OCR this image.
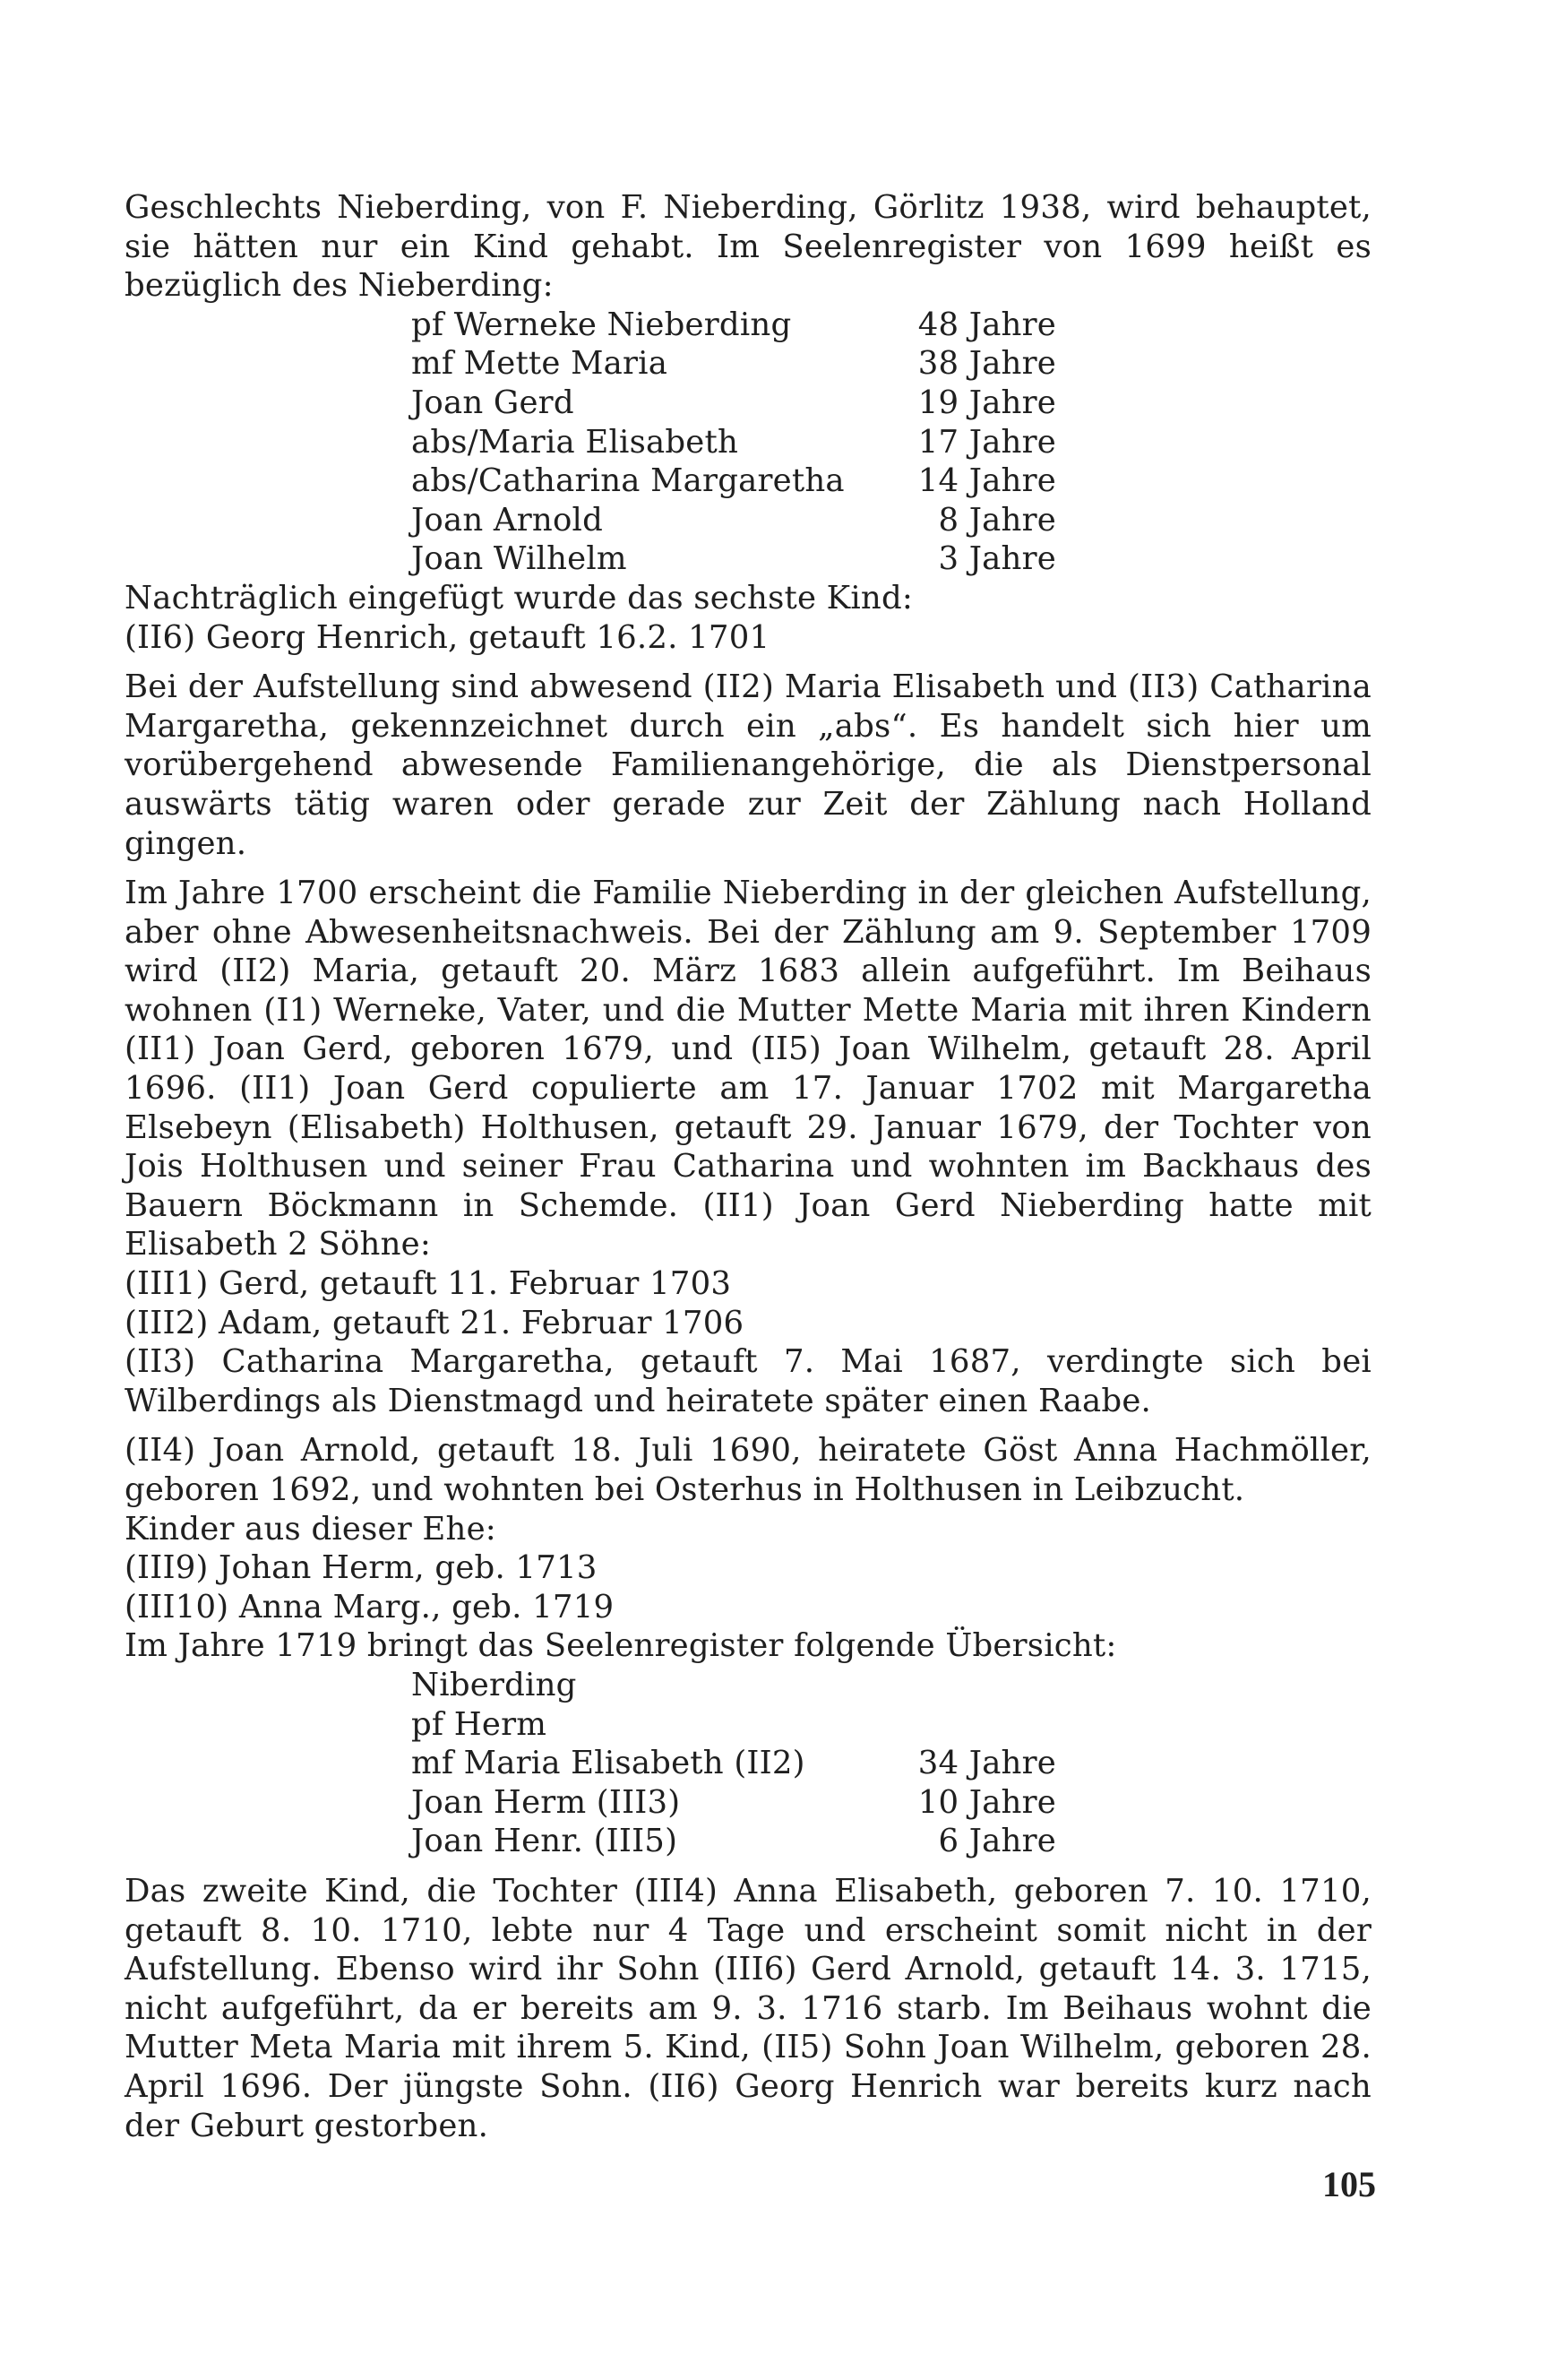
Geschlechts Nieberding, von F. Nieberding, Görlitz 1938, wird behauptet, sie hätten nur ein Kind gehabt. Im Seelenregister von 1699 heißt es bezüglich des Nieberding:

pf Werneke Nieberding	48 Jahre
mf Mette Maria	38 Jahre
Joan Gerd	19 Jahre
abs/Maria Elisabeth	17 Jahre
abs/Catharina Margaretha	14 Jahre
Joan Arnold	8 Jahre
Joan Wilhelm	3 Jahre

Nachträglich eingefügt wurde das sechste Kind:

(II6) Georg Henrich, getauft 16.2. 1701

Bei der Aufstellung sind abwesend (II2) Maria Elisabeth und (II3) Catharina Margaretha, gekennzeichnet durch ein „abs“. Es handelt sich hier um vorübergehend abwesende Familienangehörige, die als Dienstpersonal auswärts tätig waren oder gerade zur Zeit der Zählung nach Holland gingen.

Im Jahre 1700 erscheint die Familie Nieberding in der gleichen Aufstellung, aber ohne Abwesenheitsnachweis. Bei der Zählung am 9. September 1709 wird (II2) Maria, getauft 20. März 1683 allein aufgeführt. Im Beihaus wohnen (I1) Werneke, Vater, und die Mutter Mette Maria mit ihren Kindern (II1) Joan Gerd, geboren 1679, und (II5) Joan Wilhelm, getauft 28. April 1696. (II1) Joan Gerd copulierte am 17. Januar 1702 mit Margaretha Elsebeyn (Elisabeth) Holthusen, getauft 29. Januar 1679, der Tochter von Jois Holthusen und seiner Frau Catharina und wohnten im Backhaus des Bauern Böckmann in Schemde. (II1) Joan Gerd Nieberding hatte mit Elisabeth 2 Söhne:

(III1) Gerd, getauft 11. Februar 1703

(III2) Adam, getauft 21. Februar 1706

(II3) Catharina Margaretha, getauft 7. Mai 1687, verdingte sich bei Wilberdings als Dienstmagd und heiratete später einen Raabe.

(II4) Joan Arnold, getauft 18. Juli 1690, heiratete Göst Anna Hachmöller, geboren 1692, und wohnten bei Osterhus in Holthusen in Leibzucht.

Kinder aus dieser Ehe:

(III9) Johan Herm, geb. 1713

(III10) Anna Marg., geb. 1719

Im Jahre 1719 bringt das Seelenregister folgende Übersicht:

Niberding
pf Herm
mf Maria Elisabeth (II2)	34 Jahre
Joan Herm (III3)	10 Jahre
Joan Henr. (III5)	6 Jahre

Das zweite Kind, die Tochter (III4) Anna Elisabeth, geboren 7. 10. 1710, getauft 8. 10. 1710, lebte nur 4 Tage und erscheint somit nicht in der Aufstellung. Ebenso wird ihr Sohn (III6) Gerd Arnold, getauft 14. 3. 1715, nicht aufgeführt, da er bereits am 9. 3. 1716 starb. Im Beihaus wohnt die Mutter Meta Maria mit ihrem 5. Kind, (II5) Sohn Joan Wilhelm, geboren 28. April 1696. Der jüngste Sohn. (II6) Georg Henrich war bereits kurz nach der Geburt gestorben.

105
